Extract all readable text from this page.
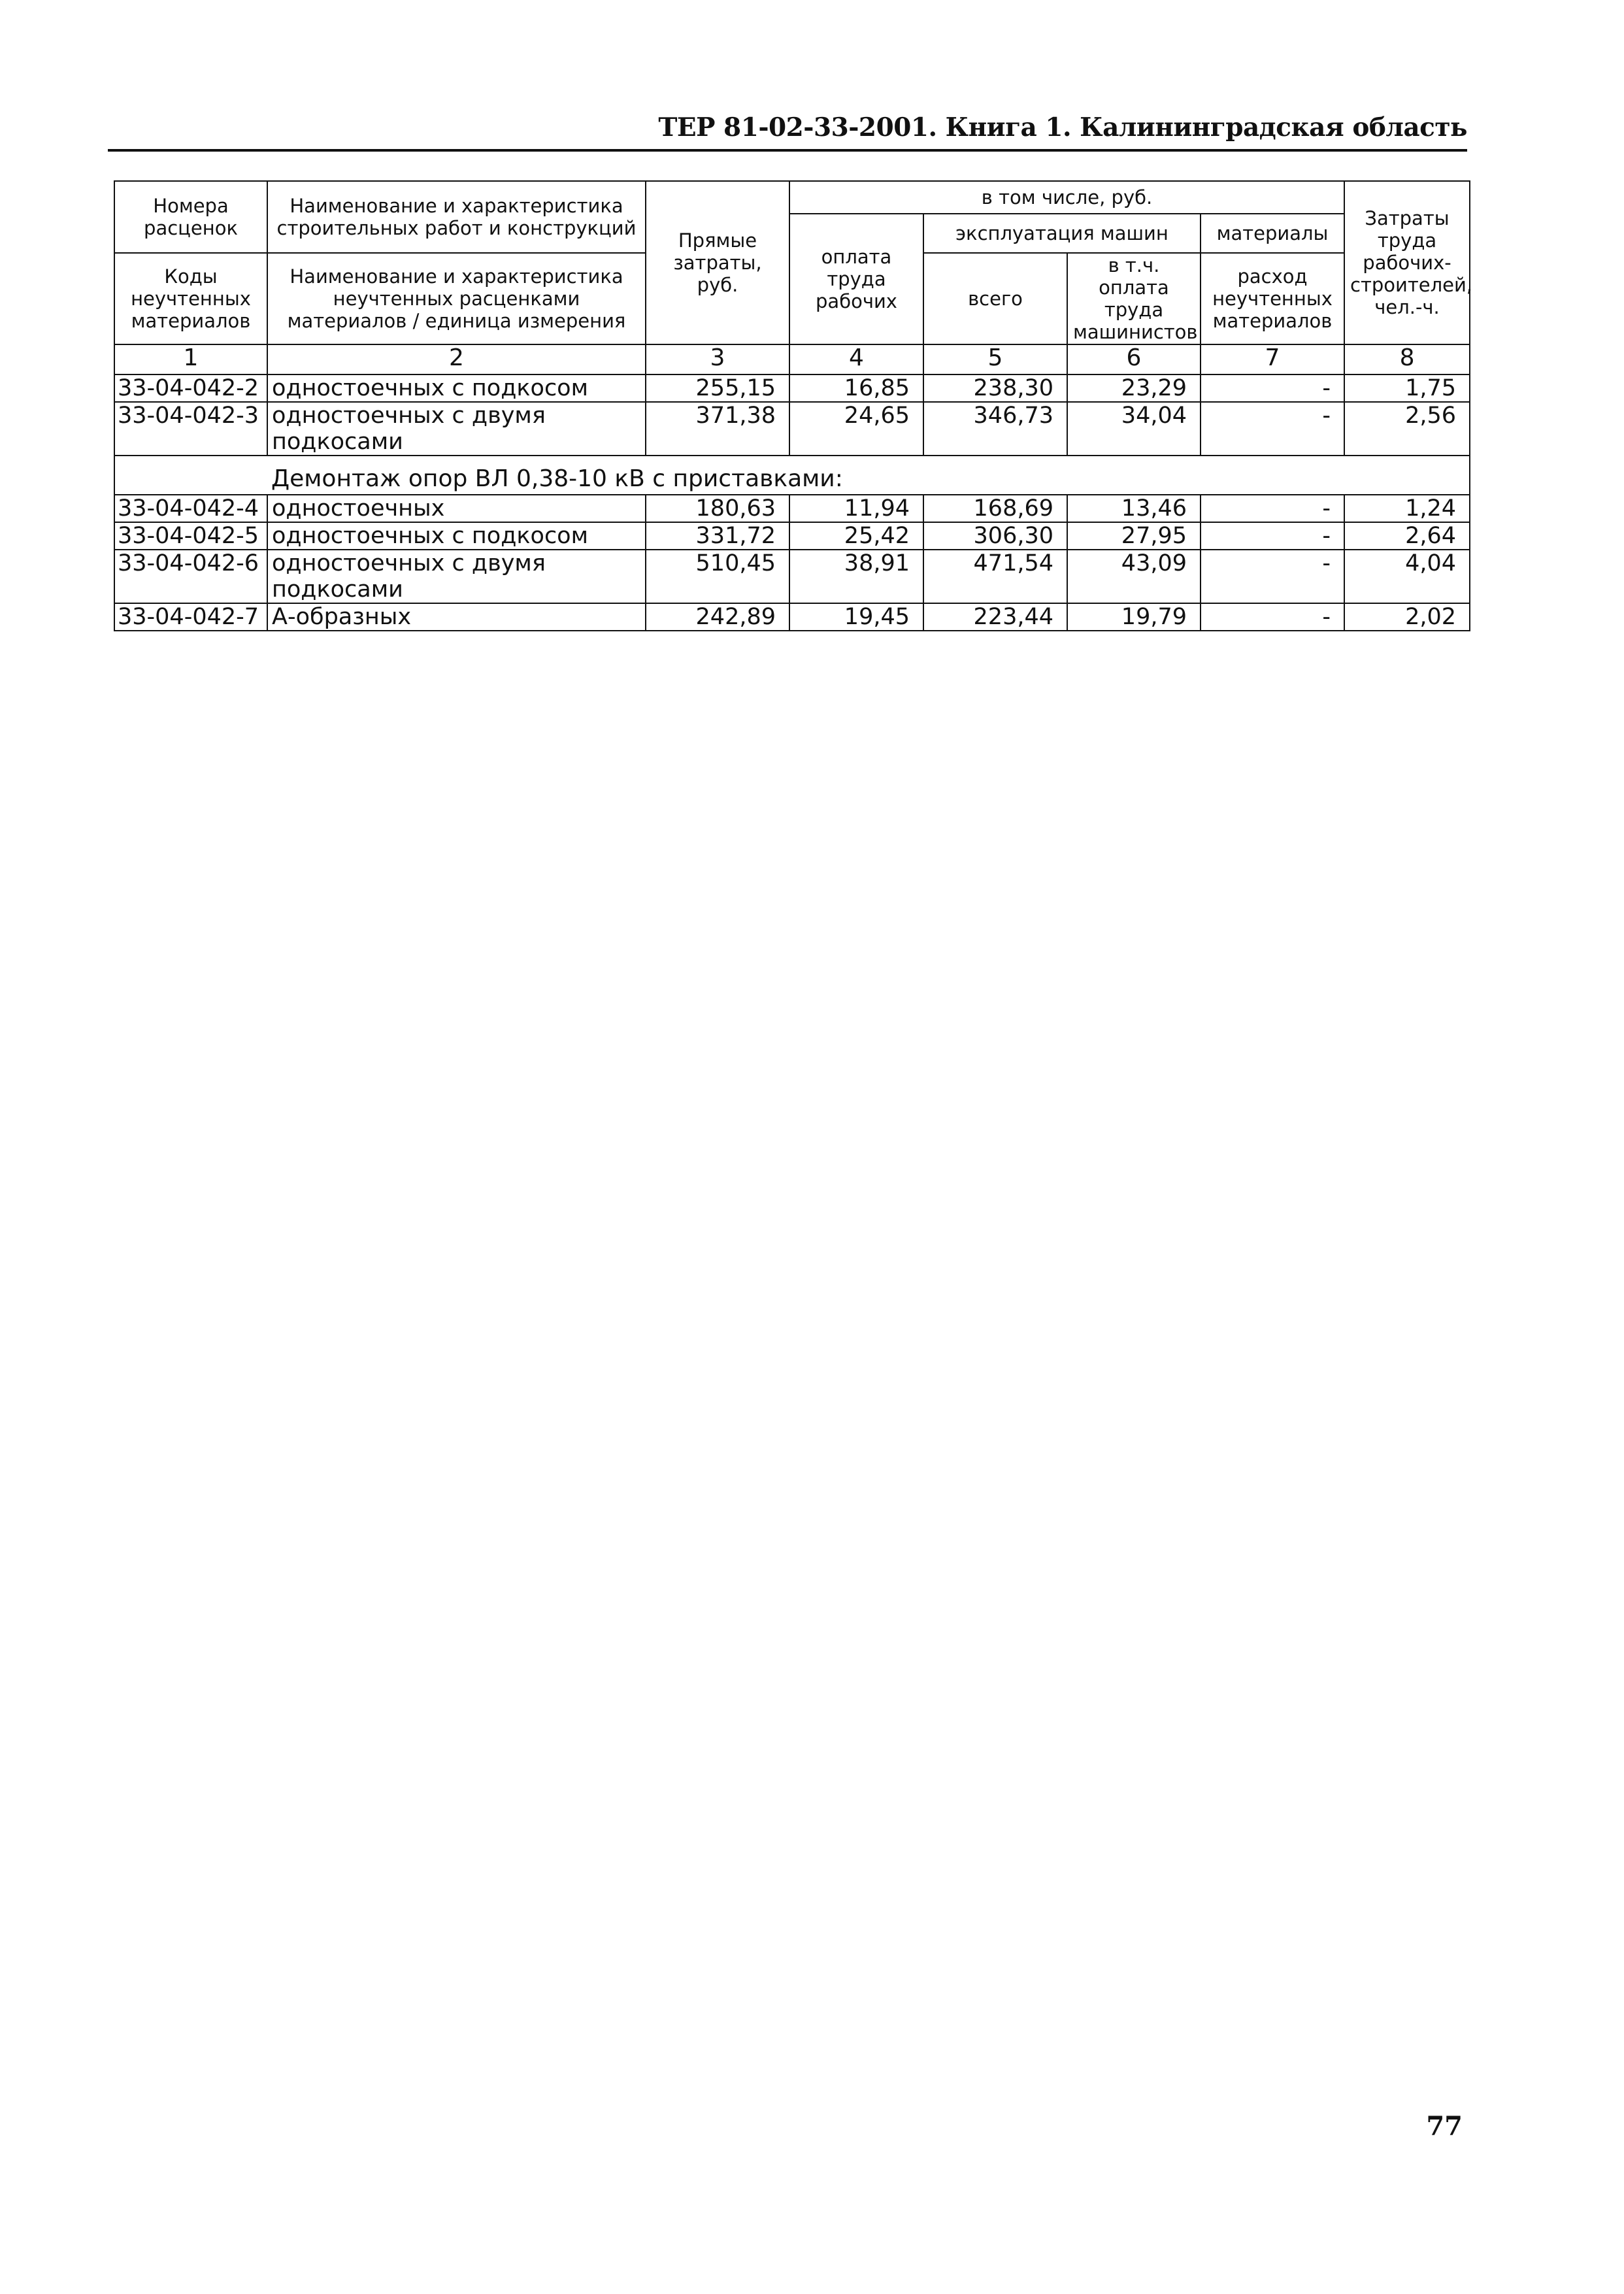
ТЕР 81-02-33-2001. Книга 1. Калининградская область
Номера расценок	Наименование и характеристика строительных работ и конструкций	Прямые затраты, руб.	в том числе, руб.				Затраты труда рабочих-строителей, чел.-ч.
			оплата труда рабочих	эксплуатация машин		материалы	
Коды неучтенных материалов	Наименование и характеристика неучтенных расценками материалов / единица измерения			всего	в т.ч. оплата труда машинистов	расход неучтенных материалов	

1	2	3	4	5	6	7	8
33-04-042-2	одностоечных с подкосом	255,15	16,85	238,30	23,29	-	1,75
33-04-042-3	одностоечных с двумя подкосами	371,38	24,65	346,73	34,04	-	2,56
	Демонтаж опор ВЛ 0,38-10 кВ с приставками:						
33-04-042-4	одностоечных	180,63	11,94	168,69	13,46	-	1,24
33-04-042-5	одностоечных с подкосом	331,72	25,42	306,30	27,95	-	2,64
33-04-042-6	одностоечных с двумя подкосами	510,45	38,91	471,54	43,09	-	4,04
33-04-042-7	А-образных	242,89	19,45	223,44	19,79	-	2,02
77
